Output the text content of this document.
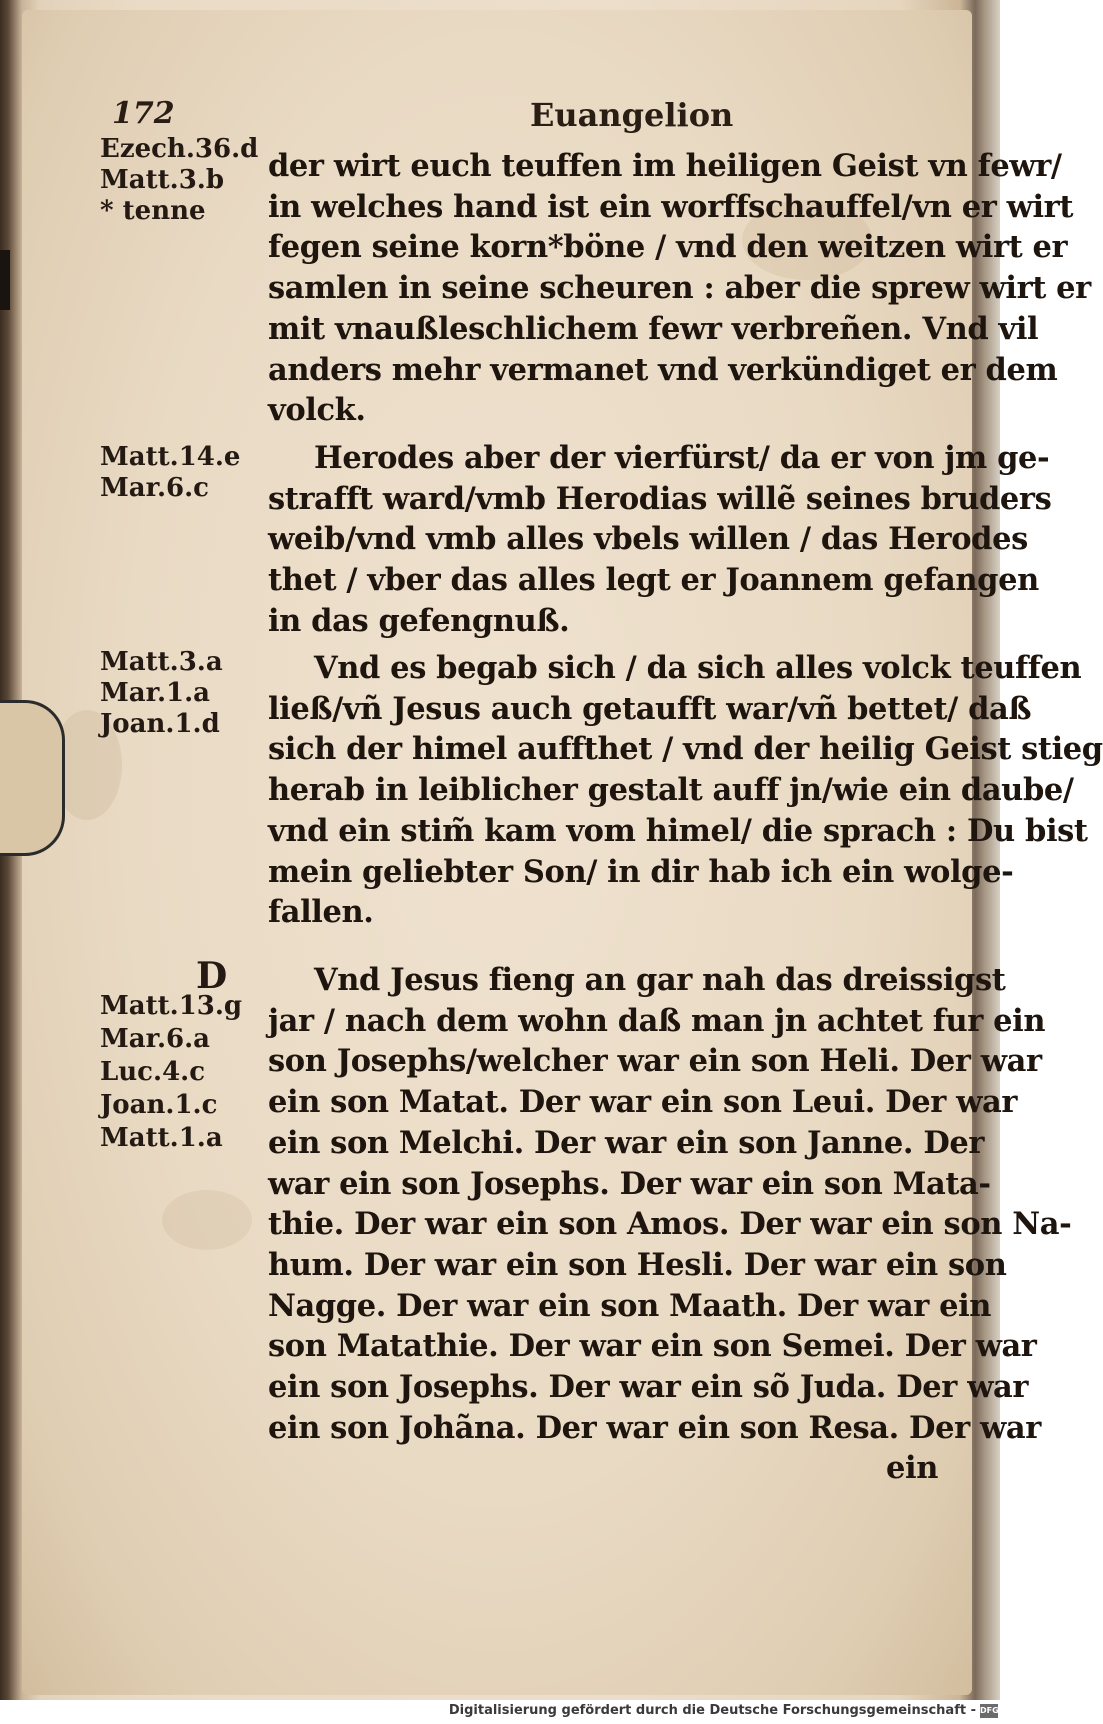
172	Euangelion
Ezech.36.d
Matt.3.b
* tenne
Matt.14.e
Mar.6.c
Matt.3.a
Mar.1.a
Joan.1.d
Matt.13.g
Mar.6.a
Luc.4.c
Joan.1.c
Matt.1.a
D
der wirt euch teuffen im heiligen Geist vn fewr/
in welches hand ist ein worffschauffel/vn er wirt
fegen seine korn*böne / vnd den weitzen wirt er
samlen in seine scheuren : aber die sprew wirt er
mit vnaußleschlichem fewr verbreñen. Vnd vil
anders mehr vermanet vnd verkündiget er dem
volck.
Herodes aber der vierfürst/ da er von jm ge-
strafft ward/vmb Herodias willẽ seines bruders
weib/vnd vmb alles vbels willen / das Herodes
thet / vber das alles legt er Joannem gefangen
in das gefengnuß.
Vnd es begab sich / da sich alles volck teuffen
ließ/vñ Jesus auch getaufft war/vñ bettet/ daß
sich der himel auffthet / vnd der heilig Geist stieg
herab in leiblicher gestalt auff jn/wie ein daube/
vnd ein stim̃ kam vom himel/ die sprach : Du bist
mein geliebter Son/ in dir hab ich ein wolge-
fallen.
Vnd Jesus fieng an gar nah das dreissigst
jar / nach dem wohn daß man jn achtet fur ein
son Josephs/welcher war ein son Heli. Der war
ein son Matat. Der war ein son Leui. Der war
ein son Melchi. Der war ein son Janne. Der
war ein son Josephs. Der war ein son Mata-
thie. Der war ein son Amos. Der war ein son Na-
hum. Der war ein son Hesli. Der war ein son
Nagge. Der war ein son Maath. Der war ein
son Matathie. Der war ein son Semei. Der war
ein son Josephs. Der war ein sõ Juda. Der war
ein son Johãna. Der war ein son Resa. Der war
ein
Digitalisierung gefördert durch die Deutsche Forschungsgemeinschaft - DFG
